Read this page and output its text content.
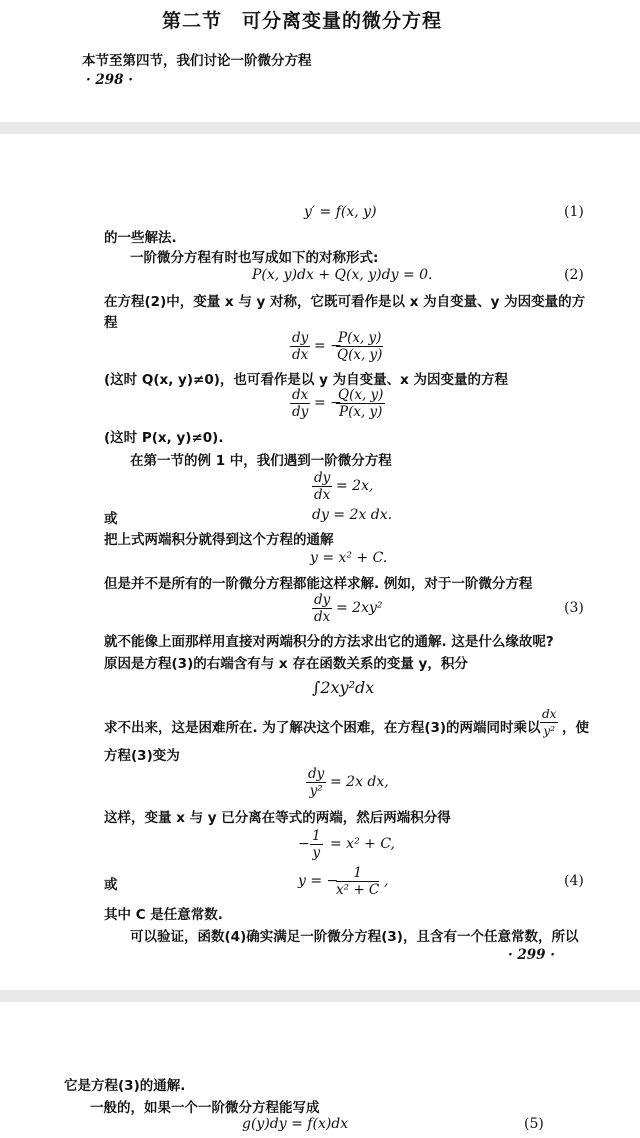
第二节　可分离变量的微分方程
本节至第四节，我们讨论一阶微分方程
· 298 ·
y′ = f(x, y)	(1)
的一些解法.
一阶微分方程有时也写成如下的对称形式:
P(x, y)dx + Q(x, y)dy = 0.	(2)
在方程(2)中，变量 x 与 y 对称，它既可看作是以 x 为自变量、y 为因变量的方
程
$\frac{dy}{dx}$ = −
$\frac{P(x, y)}{Q(x, y)}$
(这时 Q(x, y)≠0)，也可看作是以 y 为自变量、x 为因变量的方程
$\frac{dx}{dy}$ = −
$\frac{Q(x, y)}{P(x, y)}$
(这时 P(x, y)≠0).
在第一节的例 1 中，我们遇到一阶微分方程
$\frac{dy}{dx} = 2x$,
或	dy = 2x dx.
把上式两端积分就得到这个方程的通解
y = x² + C.
但是并不是所有的一阶微分方程都能这样求解. 例如，对于一阶微分方程
$\frac{dy}{dx} = 2xy^2$	(3)
就不能像上面那样用直接对两端积分的方法求出它的通解. 这是什么缘故呢?
原因是方程(3)的右端含有与 x 存在函数关系的变量 y，积分
∫2xy²dx
求不出来，这是困难所在. 为了解决这个困难，在方程(3)的两端同时乘以 $\frac{dx}{\text{y²}}$ ，使
方程(3)变为
$\frac{dy}{\text{y²}} = 2x$ dx,
这样，变量 x 与 y 已分离在等式的两端，然后两端积分得
− $\frac{1}{y} = x^2 + C$,
或	y = −
$\frac{1}{\text{x² + C}}$ ,	(4)
其中 C 是任意常数.
可以验证，函数(4)确实满足一阶微分方程(3)，且含有一个任意常数，所以
· 299 ·
它是方程(3)的通解.
一般的，如果一个一阶微分方程能写成
g(y)dy = f(x)dx	(5)
